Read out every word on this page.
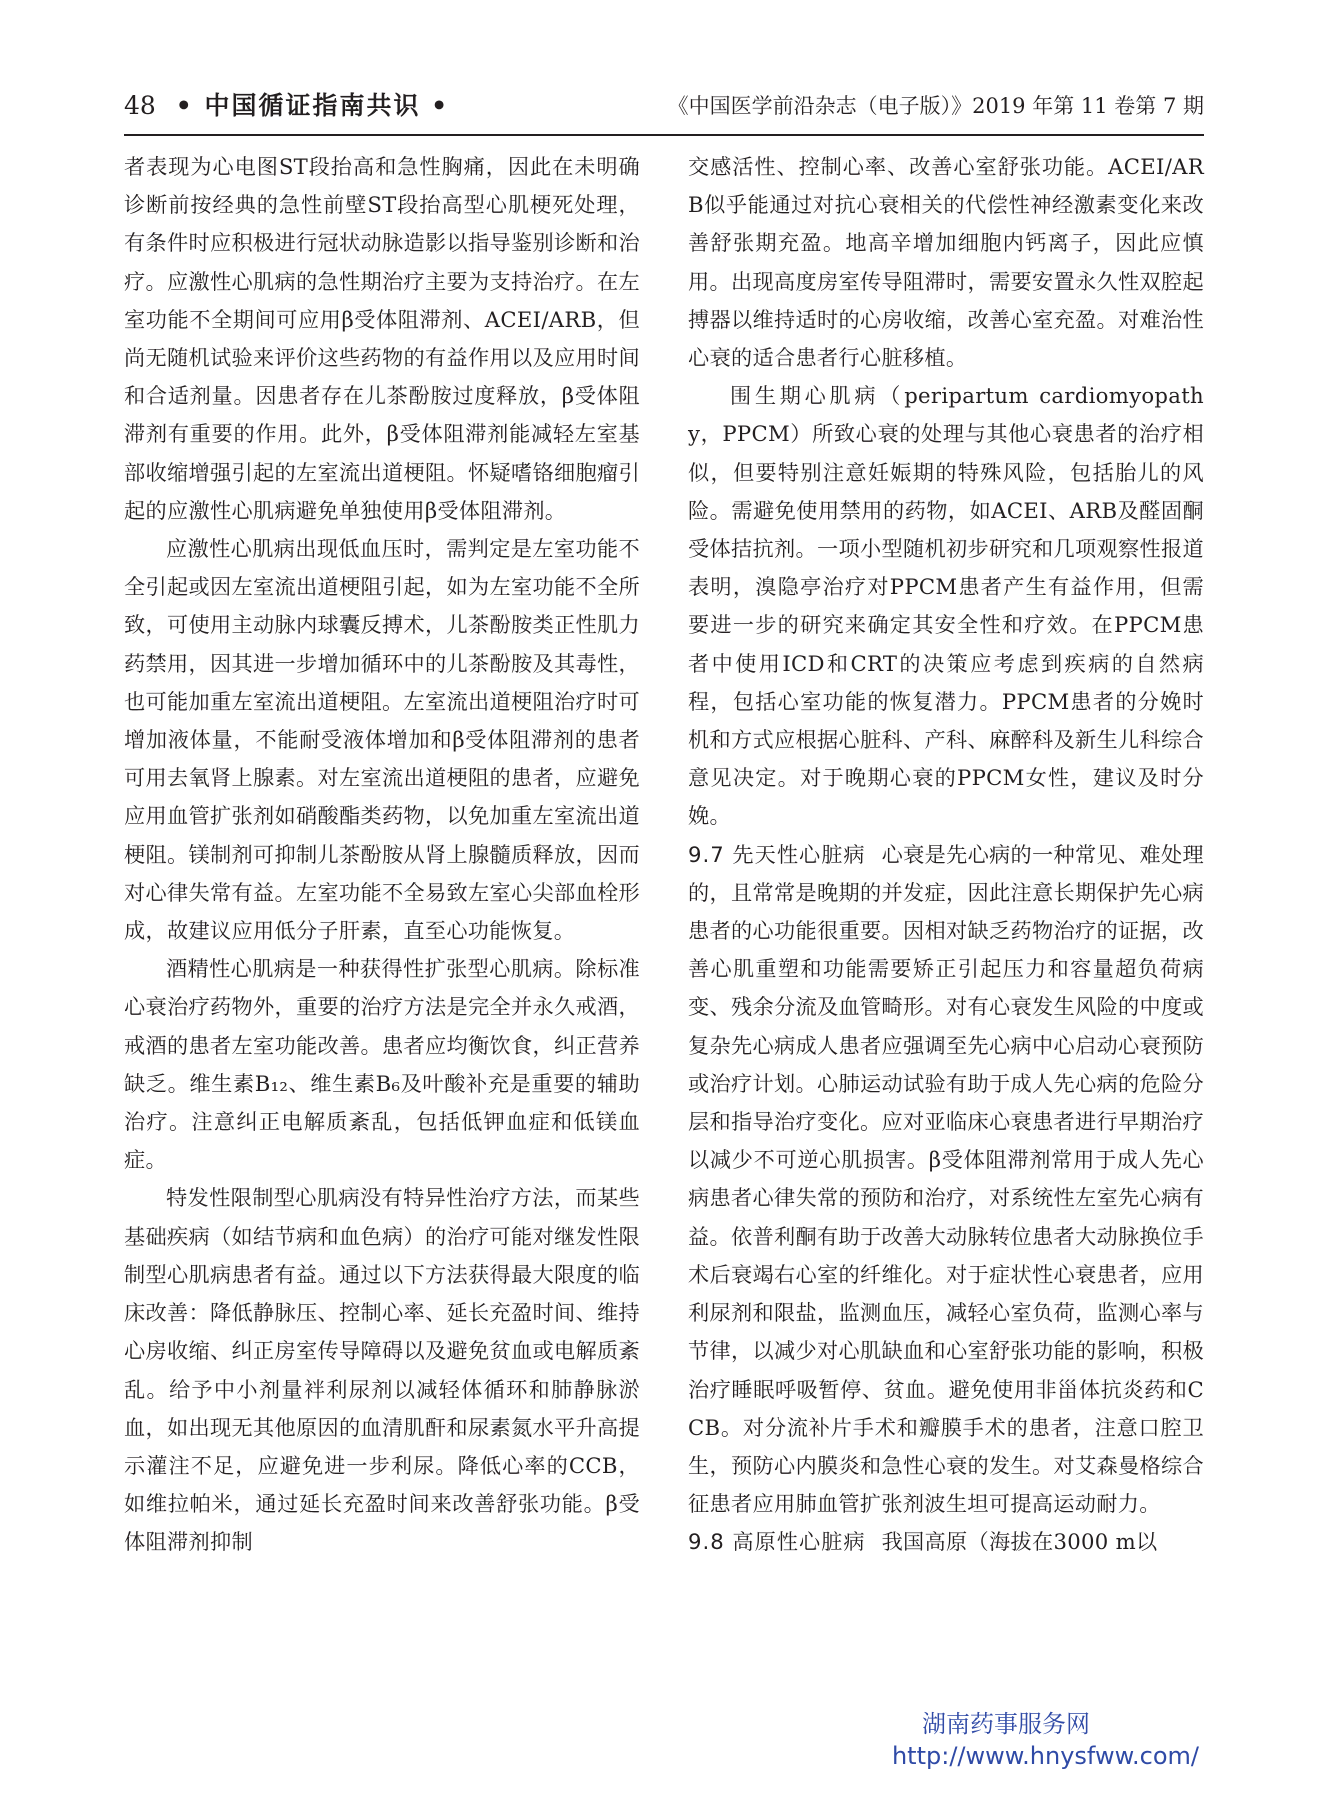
48 • 中国循证指南共识 •	《中国医学前沿杂志（电子版）》2019 年第 11 卷第 7 期

者表现为心电图ST段抬高和急性胸痛，因此在未明确诊断前按经典的急性前壁ST段抬高型心肌梗死处理，有条件时应积极进行冠状动脉造影以指导鉴别诊断和治疗。应激性心肌病的急性期治疗主要为支持治疗。在左室功能不全期间可应用β受体阻滞剂、ACEI/ARB，但尚无随机试验来评价这些药物的有益作用以及应用时间和合适剂量。因患者存在儿茶酚胺过度释放，β受体阻滞剂有重要的作用。此外，β受体阻滞剂能减轻左室基部收缩增强引起的左室流出道梗阻。怀疑嗜铬细胞瘤引起的应激性心肌病避免单独使用β受体阻滞剂。

应激性心肌病出现低血压时，需判定是左室功能不全引起或因左室流出道梗阻引起，如为左室功能不全所致，可使用主动脉内球囊反搏术，儿茶酚胺类正性肌力药禁用，因其进一步增加循环中的儿茶酚胺及其毒性，也可能加重左室流出道梗阻。左室流出道梗阻治疗时可增加液体量，不能耐受液体增加和β受体阻滞剂的患者可用去氧肾上腺素。对左室流出道梗阻的患者，应避免应用血管扩张剂如硝酸酯类药物，以免加重左室流出道梗阻。镁制剂可抑制儿茶酚胺从肾上腺髓质释放，因而对心律失常有益。左室功能不全易致左室心尖部血栓形成，故建议应用低分子肝素，直至心功能恢复。

酒精性心肌病是一种获得性扩张型心肌病。除标准心衰治疗药物外，重要的治疗方法是完全并永久戒酒，戒酒的患者左室功能改善。患者应均衡饮食，纠正营养缺乏。维生素B₁₂、维生素B₆及叶酸补充是重要的辅助治疗。注意纠正电解质紊乱，包括低钾血症和低镁血症。

特发性限制型心肌病没有特异性治疗方法，而某些基础疾病（如结节病和血色病）的治疗可能对继发性限制型心肌病患者有益。通过以下方法获得最大限度的临床改善：降低静脉压、控制心率、延长充盈时间、维持心房收缩、纠正房室传导障碍以及避免贫血或电解质紊乱。给予中小剂量袢利尿剂以减轻体循环和肺静脉淤血，如出现无其他原因的血清肌酐和尿素氮水平升高提示灌注不足，应避免进一步利尿。降低心率的CCB，如维拉帕米，通过延长充盈时间来改善舒张功能。β受体阻滞剂抑制

交感活性、控制心率、改善心室舒张功能。ACEI/ARB似乎能通过对抗心衰相关的代偿性神经激素变化来改善舒张期充盈。地高辛增加细胞内钙离子，因此应慎用。出现高度房室传导阻滞时，需要安置永久性双腔起搏器以维持适时的心房收缩，改善心室充盈。对难治性心衰的适合患者行心脏移植。

围生期心肌病（peripartum cardiomyopathy，PPCM）所致心衰的处理与其他心衰患者的治疗相似，但要特别注意妊娠期的特殊风险，包括胎儿的风险。需避免使用禁用的药物，如ACEI、ARB及醛固酮受体拮抗剂。一项小型随机初步研究和几项观察性报道表明，溴隐亭治疗对PPCM患者产生有益作用，但需要进一步的研究来确定其安全性和疗效。在PPCM患者中使用ICD和CRT的决策应考虑到疾病的自然病程，包括心室功能的恢复潜力。PPCM患者的分娩时机和方式应根据心脏科、产科、麻醉科及新生儿科综合意见决定。对于晚期心衰的PPCM女性，建议及时分娩。

9.7 先天性心脏病 心衰是先心病的一种常见、难处理的，且常常是晚期的并发症，因此注意长期保护先心病患者的心功能很重要。因相对缺乏药物治疗的证据，改善心肌重塑和功能需要矫正引起压力和容量超负荷病变、残余分流及血管畸形。对有心衰发生风险的中度或复杂先心病成人患者应强调至先心病中心启动心衰预防或治疗计划。心肺运动试验有助于成人先心病的危险分层和指导治疗变化。应对亚临床心衰患者进行早期治疗以减少不可逆心肌损害。β受体阻滞剂常用于成人先心病患者心律失常的预防和治疗，对系统性左室先心病有益。依普利酮有助于改善大动脉转位患者大动脉换位手术后衰竭右心室的纤维化。对于症状性心衰患者，应用利尿剂和限盐，监测血压，减轻心室负荷，监测心率与节律，以减少对心肌缺血和心室舒张功能的影响，积极治疗睡眠呼吸暂停、贫血。避免使用非甾体抗炎药和CCB。对分流补片手术和瓣膜手术的患者，注意口腔卫生，预防心内膜炎和急性心衰的发生。对艾森曼格综合征患者应用肺血管扩张剂波生坦可提高运动耐力。

9.8 高原性心脏病 我国高原（海拔在3000 m以

湖南药事服务网
http://www.hnysfww.com/
